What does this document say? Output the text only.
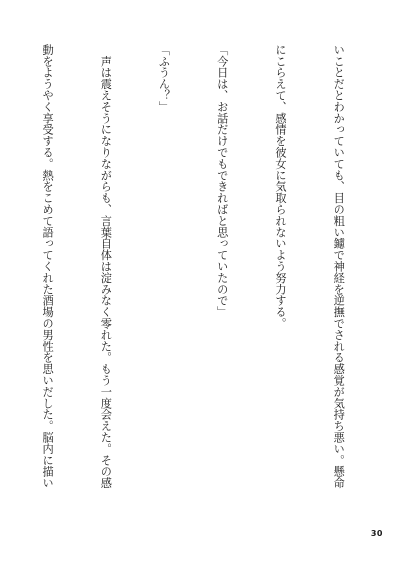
いことだとわかっていても、目の粗い鑢で神経を逆撫でされる感覚が気持ち悪い。懸命

にこらえて、感情を彼女に気取られないよう努力する。

「今日は、お話だけでもできればと思っていたので」

「ふうん？」

　声は震えそうになりながらも、言葉自体は淀みなく零れた。もう一度会えた。その感

動をようやく享受する。熱をこめて語ってくれた酒場の男性を思いだした。脳内に描い

30
